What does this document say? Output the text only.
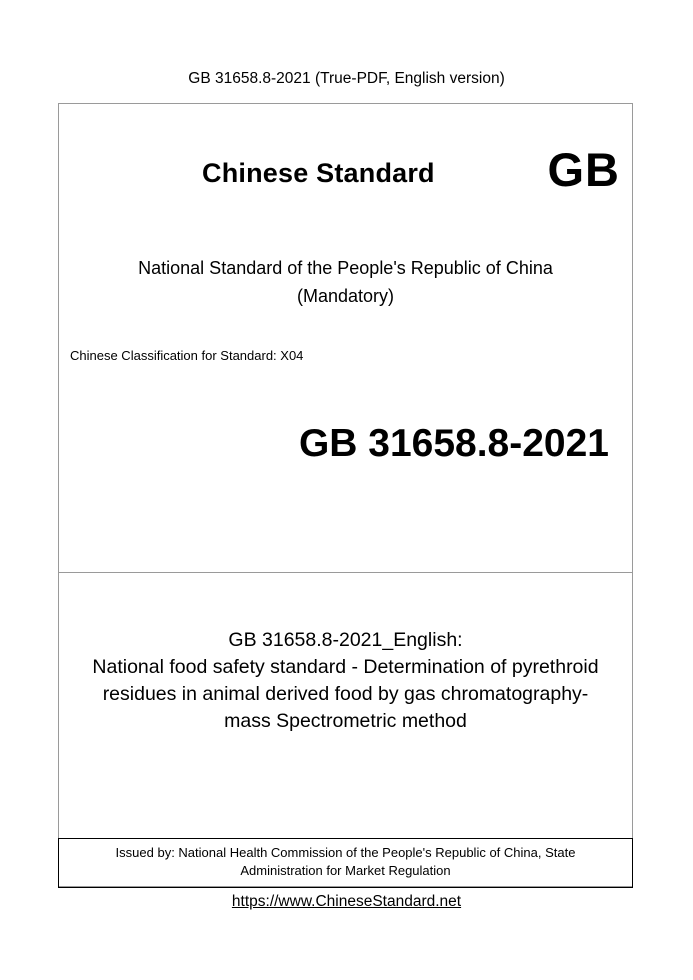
GB 31658.8-2021 (True-PDF, English version)
Chinese Standard GB
National Standard of the People's Republic of China
(Mandatory)
Chinese Classification for Standard: X04
GB 31658.8-2021
GB 31658.8-2021_English:
National food safety standard - Determination of pyrethroid
residues in animal derived food by gas chromatography-
mass Spectrometric method
Issued by: National Health Commission of the People's Republic of China, State
Administration for Market Regulation
https://www.ChineseStandard.net
